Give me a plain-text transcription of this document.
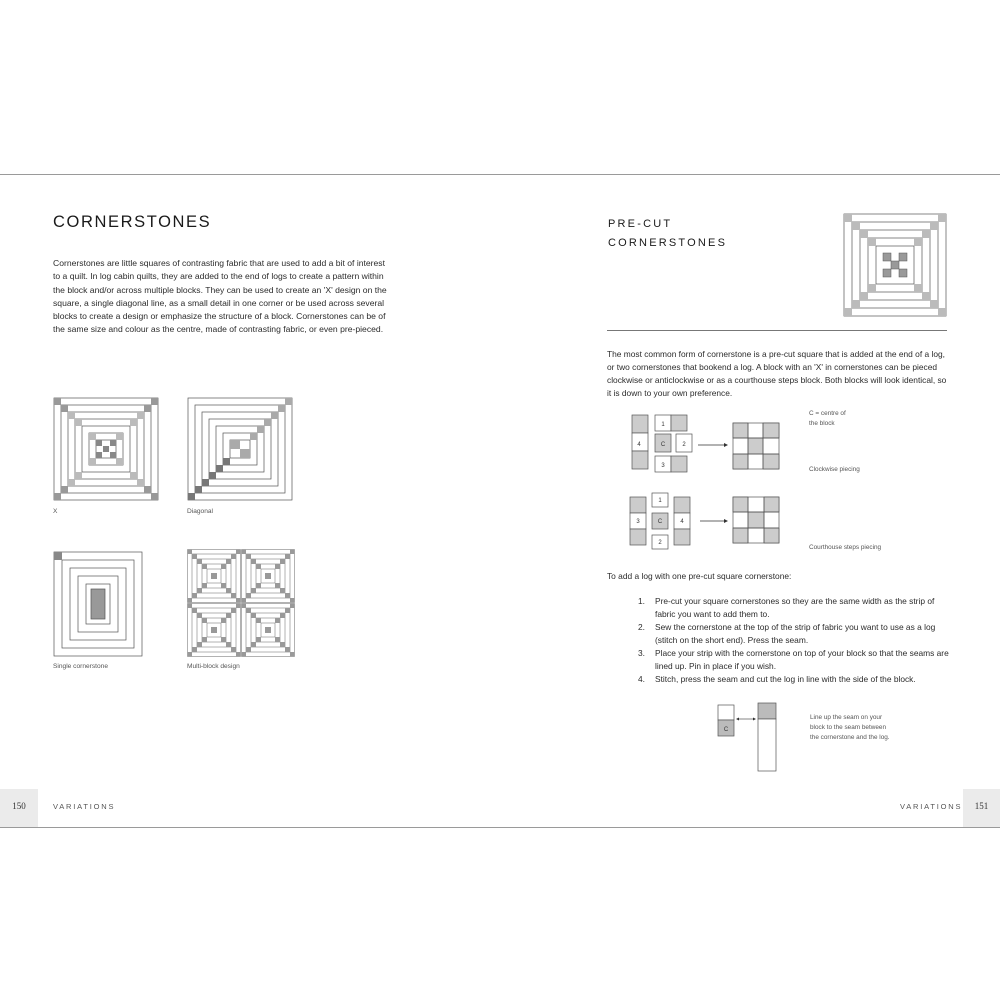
CORNERSTONES
Cornerstones are little squares of contrasting fabric that are used to add a bit of interest to a quilt. In log cabin quilts, they are added to the end of logs to create a pattern within the block and/or across multiple blocks. They can be used to create an 'X' design on the square, a single diagonal line, as a small detail in one corner or be used across several blocks to create a design or emphasize the structure of a block. Cornerstones can be of the same size and colour as the centre, made of contrasting fabric, or even pre-pieced.
X	Diagonal
Single cornerstone	Multi-block design
150	VARIATIONS
PRE-CUT
CORNERSTONES
The most common form of cornerstone is a pre-cut square that is added at the end of a log, or two cornerstones that bookend a log. A block with an 'X' in cornerstones can be pieced clockwise or anticlockwise or as a courthouse steps block. Both blocks will look identical, so it is down to your own preference.
4
1
C	2
3
C = centre of
the block
Clockwise piecing
1
3	C	4
2
Courthouse steps piecing
To add a log with one pre-cut square cornerstone:
1. Pre-cut your square cornerstones so they are the same width as the strip of fabric you want to add them to.
2. Sew the cornerstone at the top of the strip of fabric you want to use as a log (stitch on the short end). Press the seam.
3. Place your strip with the cornerstone on top of your block so that the seams are lined up. Pin in place if you wish.
4. Stitch, press the seam and cut the log in line with the side of the block.
C
Line up the seam on your
block to the seam between
the cornerstone and the log.
VARIATIONS	151
